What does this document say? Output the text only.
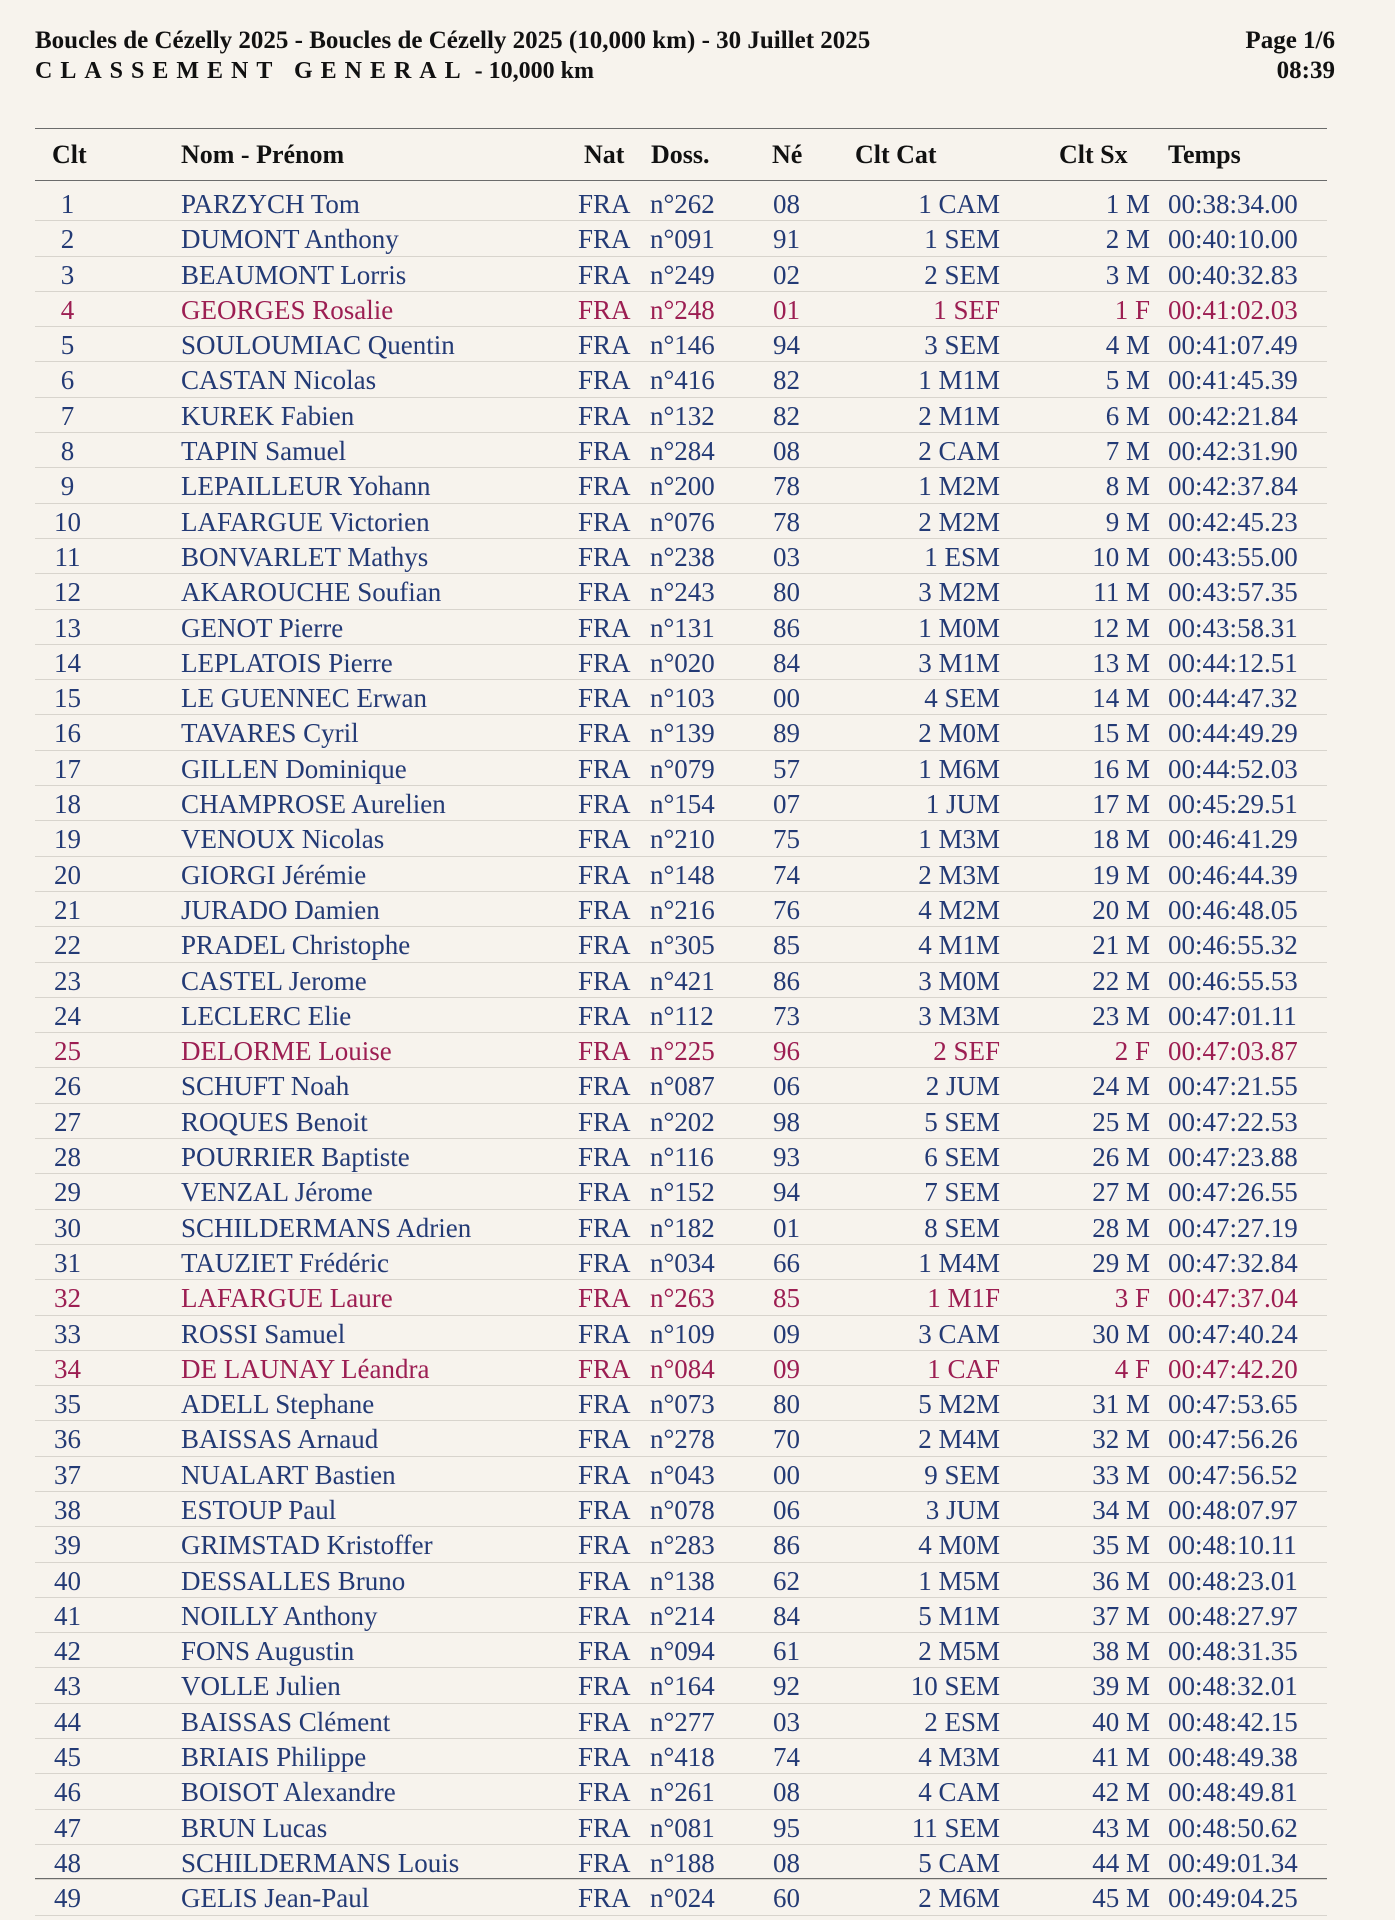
Boucles de Cézelly 2025 - Boucles de Cézelly 2025 (10,000 km) - 30 Juillet 2025
CLASSEMENT GENERAL - 10,000 km
Page 1/6
08:39
Clt	Nom - Prénom	Nat Doss. Né Clt Cat	Clt Sx Temps
1	PARZYCH Tom	FRA n°262 08	1 CAM	1 M 00:38:34.00
2	DUMONT Anthony	FRA n°091 91	1 SEM	2 M 00:40:10.00
3	BEAUMONT Lorris	FRA n°249 02	2 SEM	3 M 00:40:32.83
4	GEORGES Rosalie	FRA n°248 01	1 SEF	1 F 00:41:02.03
5	SOULOUMIAC Quentin	FRA n°146 94	3 SEM	4 M 00:41:07.49
6	CASTAN Nicolas	FRA n°416 82	1 M1M	5 M 00:41:45.39
7	KUREK Fabien	FRA n°132 82	2 M1M	6 M 00:42:21.84
8	TAPIN Samuel	FRA n°284 08	2 CAM	7 M 00:42:31.90
9	LEPAILLEUR Yohann	FRA n°200 78	1 M2M	8 M 00:42:37.84
10	LAFARGUE Victorien	FRA n°076 78	2 M2M	9 M 00:42:45.23
11	BONVARLET Mathys	FRA n°238 03	1 ESM	10 M 00:43:55.00
12	AKAROUCHE Soufian	FRA n°243 80	3 M2M	11 M 00:43:57.35
13	GENOT Pierre	FRA n°131 86	1 M0M	12 M 00:43:58.31
14	LEPLATOIS Pierre	FRA n°020 84	3 M1M	13 M 00:44:12.51
15	LE GUENNEC Erwan	FRA n°103 00	4 SEM	14 M 00:44:47.32
16	TAVARES Cyril	FRA n°139 89	2 M0M	15 M 00:44:49.29
17	GILLEN Dominique	FRA n°079 57	1 M6M	16 M 00:44:52.03
18	CHAMPROSE Aurelien	FRA n°154 07	1 JUM	17 M 00:45:29.51
19	VENOUX Nicolas	FRA n°210 75	1 M3M	18 M 00:46:41.29
20	GIORGI Jérémie	FRA n°148 74	2 M3M	19 M 00:46:44.39
21	JURADO Damien	FRA n°216 76	4 M2M	20 M 00:46:48.05
22	PRADEL Christophe	FRA n°305 85	4 M1M	21 M 00:46:55.32
23	CASTEL Jerome	FRA n°421 86	3 M0M	22 M 00:46:55.53
24	LECLERC Elie	FRA n°112 73	3 M3M	23 M 00:47:01.11
25	DELORME Louise	FRA n°225 96	2 SEF	2 F 00:47:03.87
26	SCHUFT Noah	FRA n°087 06	2 JUM	24 M 00:47:21.55
27	ROQUES Benoit	FRA n°202 98	5 SEM	25 M 00:47:22.53
28	POURRIER Baptiste	FRA n°116 93	6 SEM	26 M 00:47:23.88
29	VENZAL Jérome	FRA n°152 94	7 SEM	27 M 00:47:26.55
30	SCHILDERMANS Adrien	FRA n°182 01	8 SEM	28 M 00:47:27.19
31	TAUZIET Frédéric	FRA n°034 66	1 M4M	29 M 00:47:32.84
32	LAFARGUE Laure	FRA n°263 85	1 M1F	3 F 00:47:37.04
33	ROSSI Samuel	FRA n°109 09	3 CAM	30 M 00:47:40.24
34	DE LAUNAY Léandra	FRA n°084 09	1 CAF	4 F 00:47:42.20
35	ADELL Stephane	FRA n°073 80	5 M2M	31 M 00:47:53.65
36	BAISSAS Arnaud	FRA n°278 70	2 M4M	32 M 00:47:56.26
37	NUALART Bastien	FRA n°043 00	9 SEM	33 M 00:47:56.52
38	ESTOUP Paul	FRA n°078 06	3 JUM	34 M 00:48:07.97
39	GRIMSTAD Kristoffer	FRA n°283 86	4 M0M	35 M 00:48:10.11
40	DESSALLES Bruno	FRA n°138 62	1 M5M	36 M 00:48:23.01
41	NOILLY Anthony	FRA n°214 84	5 M1M	37 M 00:48:27.97
42	FONS Augustin	FRA n°094 61	2 M5M	38 M 00:48:31.35
43	VOLLE Julien	FRA n°164 92	10 SEM	39 M 00:48:32.01
44	BAISSAS Clément	FRA n°277 03	2 ESM	40 M 00:48:42.15
45	BRIAIS Philippe	FRA n°418 74	4 M3M	41 M 00:48:49.38
46	BOISOT Alexandre	FRA n°261 08	4 CAM	42 M 00:48:49.81
47	BRUN Lucas	FRA n°081 95	11 SEM	43 M 00:48:50.62
48	SCHILDERMANS Louis	FRA n°188 08	5 CAM	44 M 00:49:01.34
49	GELIS Jean-Paul	FRA n°024 60	2 M6M	45 M 00:49:04.25
